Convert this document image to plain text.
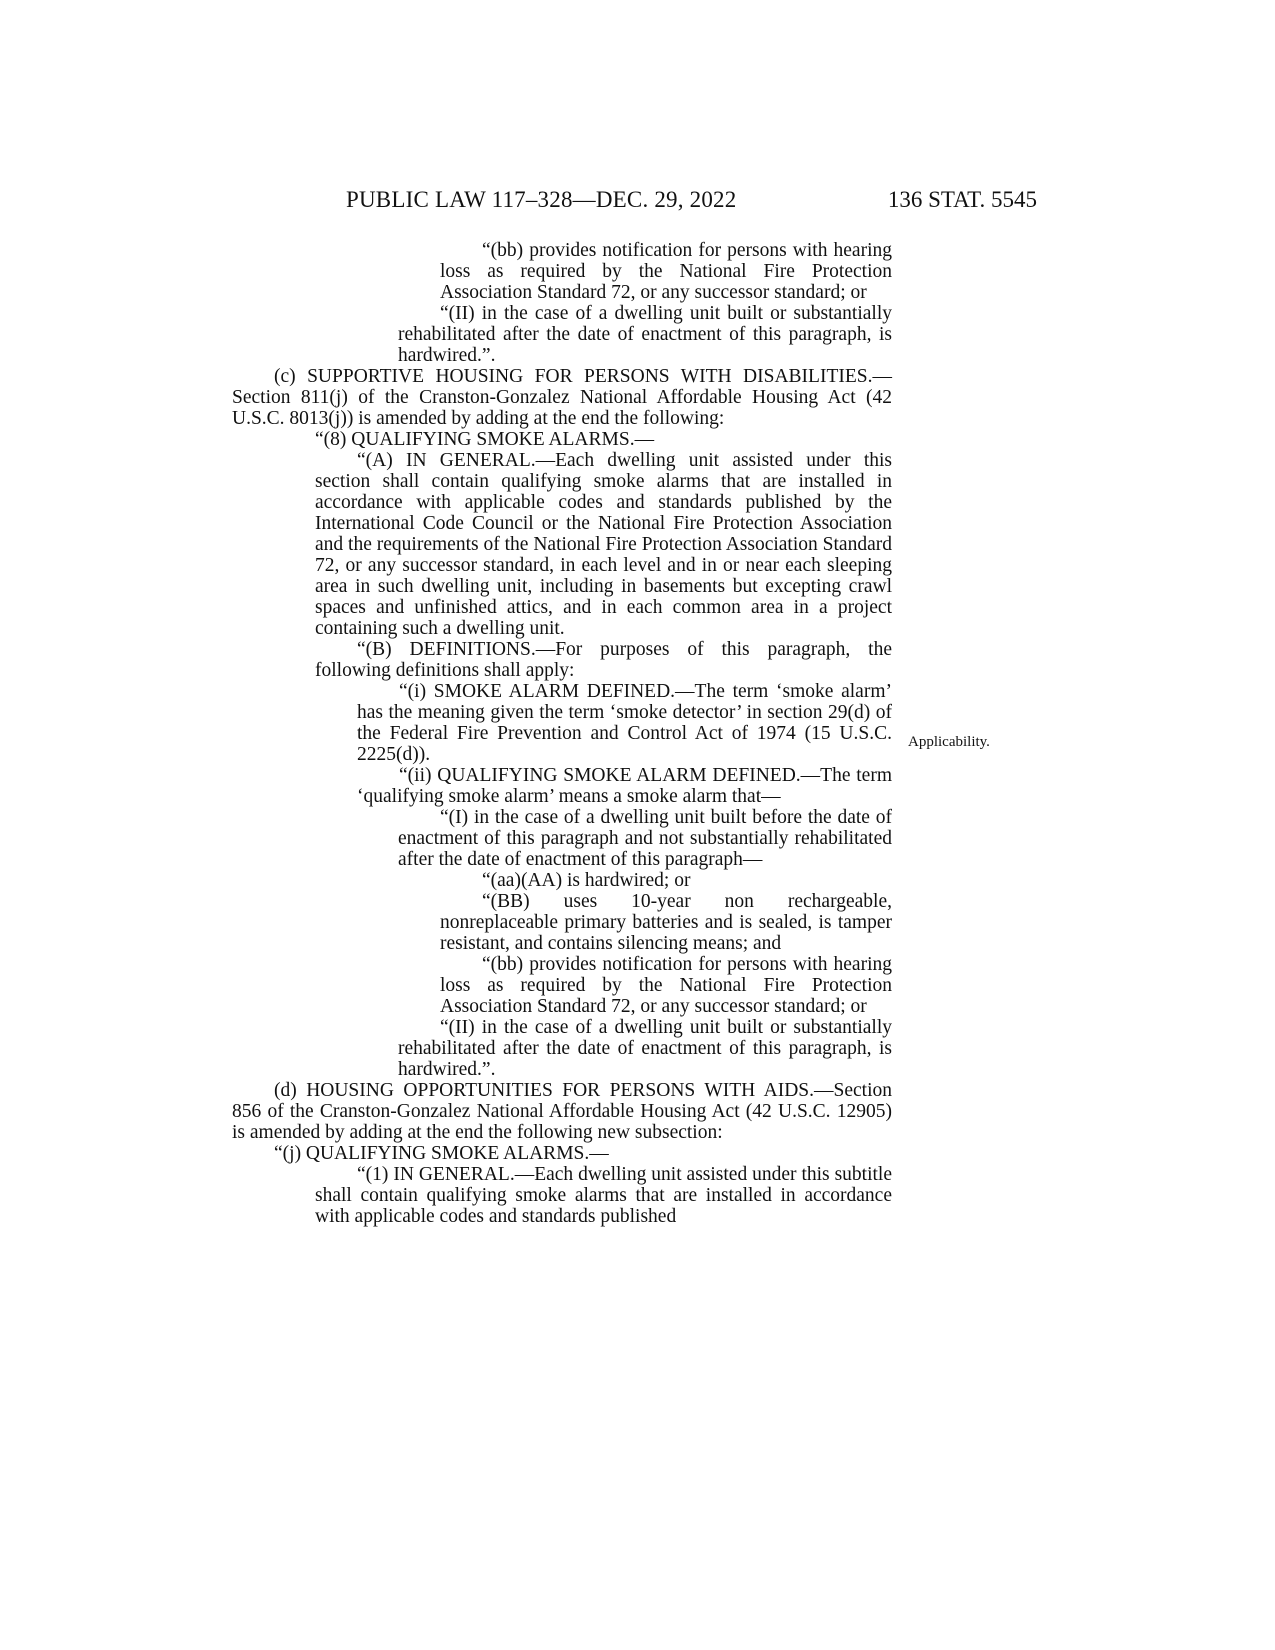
PUBLIC LAW 117–328—DEC. 29, 2022	136 STAT. 5545
Applicability.

“(bb) provides notification for persons with hearing loss as required by the National Fire Protection Association Standard 72, or any successor standard; or

“(II) in the case of a dwelling unit built or substantially rehabilitated after the date of enactment of this paragraph, is hardwired.”.

(c) SUPPORTIVE HOUSING FOR PERSONS WITH DISABILITIES.—Section 811(j) of the Cranston-Gonzalez National Affordable Housing Act (42 U.S.C. 8013(j)) is amended by adding at the end the following:

“(8) QUALIFYING SMOKE ALARMS.—

“(A) IN GENERAL.—Each dwelling unit assisted under this section shall contain qualifying smoke alarms that are installed in accordance with applicable codes and standards published by the International Code Council or the National Fire Protection Association and the requirements of the National Fire Protection Association Standard 72, or any successor standard, in each level and in or near each sleeping area in such dwelling unit, including in basements but excepting crawl spaces and unfinished attics, and in each common area in a project containing such a dwelling unit.

“(B) DEFINITIONS.—For purposes of this paragraph, the following definitions shall apply:

“(i) SMOKE ALARM DEFINED.—The term ‘smoke alarm’ has the meaning given the term ‘smoke detector’ in section 29(d) of the Federal Fire Prevention and Control Act of 1974 (15 U.S.C. 2225(d)).

“(ii) QUALIFYING SMOKE ALARM DEFINED.—The term ‘qualifying smoke alarm’ means a smoke alarm that—

“(I) in the case of a dwelling unit built before the date of enactment of this paragraph and not substantially rehabilitated after the date of enactment of this paragraph—

“(aa)(AA) is hardwired; or

“(BB) uses 10-year non rechargeable, nonreplaceable primary batteries and is sealed, is tamper resistant, and contains silencing means; and

“(bb) provides notification for persons with hearing loss as required by the National Fire Protection Association Standard 72, or any successor standard; or

“(II) in the case of a dwelling unit built or substantially rehabilitated after the date of enactment of this paragraph, is hardwired.”.

(d) HOUSING OPPORTUNITIES FOR PERSONS WITH AIDS.—Section 856 of the Cranston-Gonzalez National Affordable Housing Act (42 U.S.C. 12905) is amended by adding at the end the following new subsection:

“(j) QUALIFYING SMOKE ALARMS.—

“(1) IN GENERAL.—Each dwelling unit assisted under this subtitle shall contain qualifying smoke alarms that are installed in accordance with applicable codes and standards published
